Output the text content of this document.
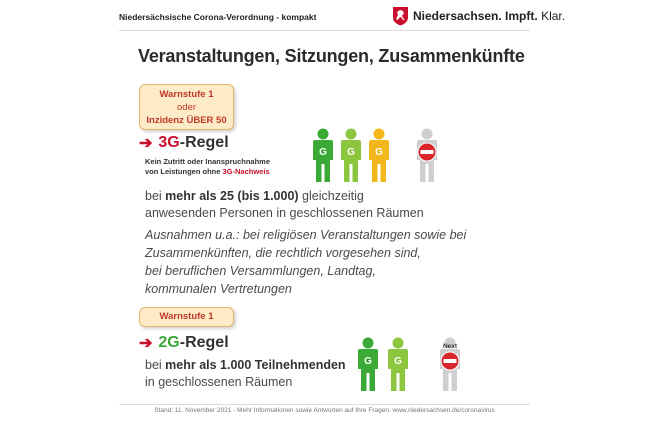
Niedersächsische Corona-Verordnung - kompakt	Niedersachsen. Impft. Klar.
Veranstaltungen, Sitzungen, Zusammenkünfte
Warnstufe 1
oder
Inzidenz ÜBER 50
➔ 3G-Regel
Kein Zutritt oder Inanspruchnahme
von Leistungen ohne 3G-Nachweis
G G G
bei mehr als 25 (bis 1.000) gleichzeitig
anwesenden Personen in geschlossenen Räumen
Ausnahmen u.a.: bei religiösen Veranstaltungen sowie bei
Zusammenkünften, die rechtlich vorgesehen sind,
bei beruflichen Versammlungen, Landtag,
kommunalen Vertretungen
Warnstufe 1
➔ 2G-Regel
bei mehr als 1.000 Teilnehmenden
in geschlossenen Räumen
G G
Next
Stand: 11. November 2021 - Mehr Informationen sowie Antworten auf Ihre Fragen: www.niedersachsen.de/coronavirus
